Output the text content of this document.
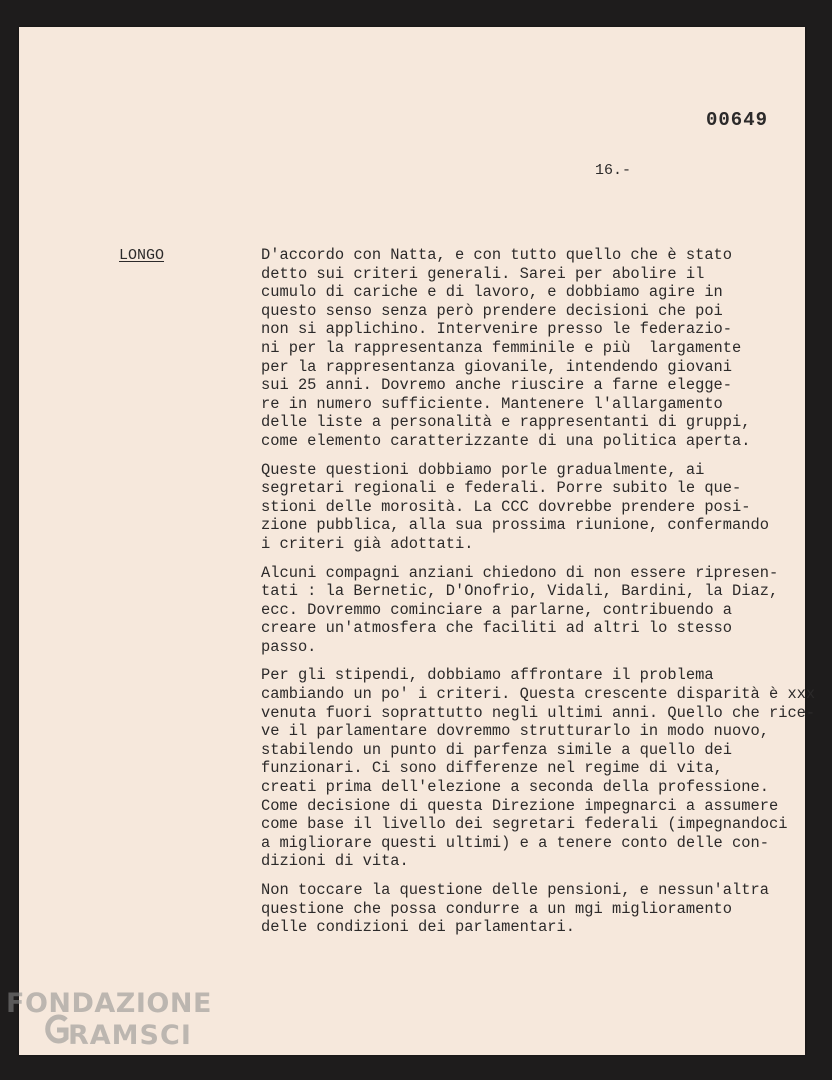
00649
16.-
LONGO	D'accordo con Natta, e con tutto quello che è stato
detto sui criteri generali. Sarei per abolire il
cumulo di cariche e di lavoro, e dobbiamo agire in
questo senso senza però prendere decisioni che poi
non si applichino. Intervenire presso le federazio-
ni per la rappresentanza femminile e più  largamente
per la rappresentanza giovanile, intendendo giovani
sui 25 anni. Dovremo anche riuscire a farne elegge-
re in numero sufficiente. Mantenere l'allargamento
delle liste a personalità e rappresentanti di gruppi,
come elemento caratterizzante di una politica aperta.

Queste questioni dobbiamo porle gradualmente, ai
segretari regionali e federali. Porre subito le que-
stioni delle morosità. La CCC dovrebbe prendere posi-
zione pubblica, alla sua prossima riunione, confermando
i criteri già adottati.

Alcuni compagni anziani chiedono di non essere ripresen-
tati : la Bernetic, D'Onofrio, Vidali, Bardini, la Diaz,
ecc. Dovremmo cominciare a parlarne, contribuendo a
creare un'atmosfera che faciliti ad altri lo stesso
passo.

Per gli stipendi, dobbiamo affrontare il problema
cambiando un po' i criteri. Questa crescente disparità è xxx
venuta fuori soprattutto negli ultimi anni. Quello che rice-
ve il parlamentare dovremmo strutturarlo in modo nuovo,
stabilendo un punto di parfenza simile a quello dei
funzionari. Ci sono differenze nel regime di vita,
creati prima dell'elezione a seconda della professione.
Come decisione di questa Direzione impegnarci a assumere
come base il livello dei segretari federali (impegnandoci
a migliorare questi ultimi) e a tenere conto delle con-
dizioni di vita.

Non toccare la questione delle pensioni, e nessun'altra
questione che possa condurre a un mgi miglioramento
delle condizioni dei parlamentari.

FONDAZIONE
RAMSCI
